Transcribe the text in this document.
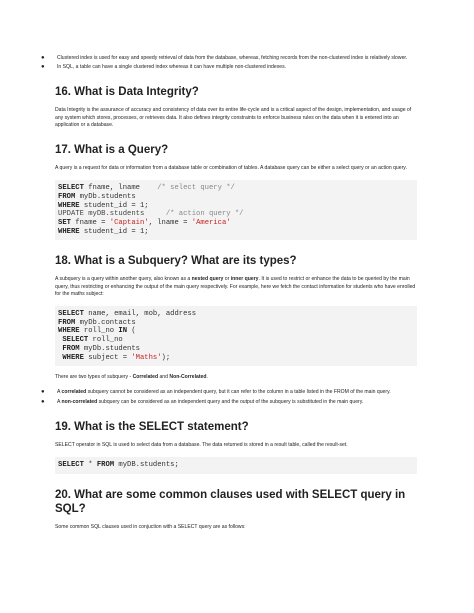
● Clustered index is used for easy and speedy retrieval of data from the database, whereas, fetching records from the non-clustered index is relatively slower.
● In SQL, a table can have a single clustered index whereas it can have multiple non-clustered indexes.
16. What is Data Integrity?

Data Integrity is the assurance of accuracy and consistency of data over its entire life-cycle and is a critical aspect of the design, implementation, and usage of any system which stores, processes, or retrieves data. It also defines integrity constraints to enforce business rules on the data when it is entered into an application or a database.

17. What is a Query?

A query is a request for data or information from a database table or combination of tables. A database query can be either a select query or an action query.

SELECT fname, lname /* select query */
FROM myDb.students
WHERE student_id = 1;
UPDATE myDB.students	/* action query */
SET fname = 'Captain', lname = 'America'
WHERE student_id = 1;
18. What is a Subquery? What are its types?

A subquery is a query within another query, also known as a nested query or inner query. It is used to restrict or enhance the data to be queried by the main query, thus restricting or enhancing the output of the main query respectively. For example, here we fetch the contact information for students who have enrolled for the maths subject:

SELECT name, email, mob, address
FROM myDb.contacts
WHERE roll_no IN (
SELECT roll_no
FROM myDb.students
WHERE subject = 'Maths');

There are two types of subquery - Correlated and Non-Correlated.

● A correlated subquery cannot be considered as an independent query, but it can refer to the column in a table listed in the FROM of the main query.
● A non-correlated subquery can be considered as an independent query and the output of the subquery is substituted in the main query.
19. What is the SELECT statement?

SELECT operator in SQL is used to select data from a database. The data returned is stored in a result table, called the result-set.

SELECT * FROM myDB.students;
20. What are some common clauses used with SELECT query in SQL?

Some common SQL clauses used in conjuction with a SELECT query are as follows:
